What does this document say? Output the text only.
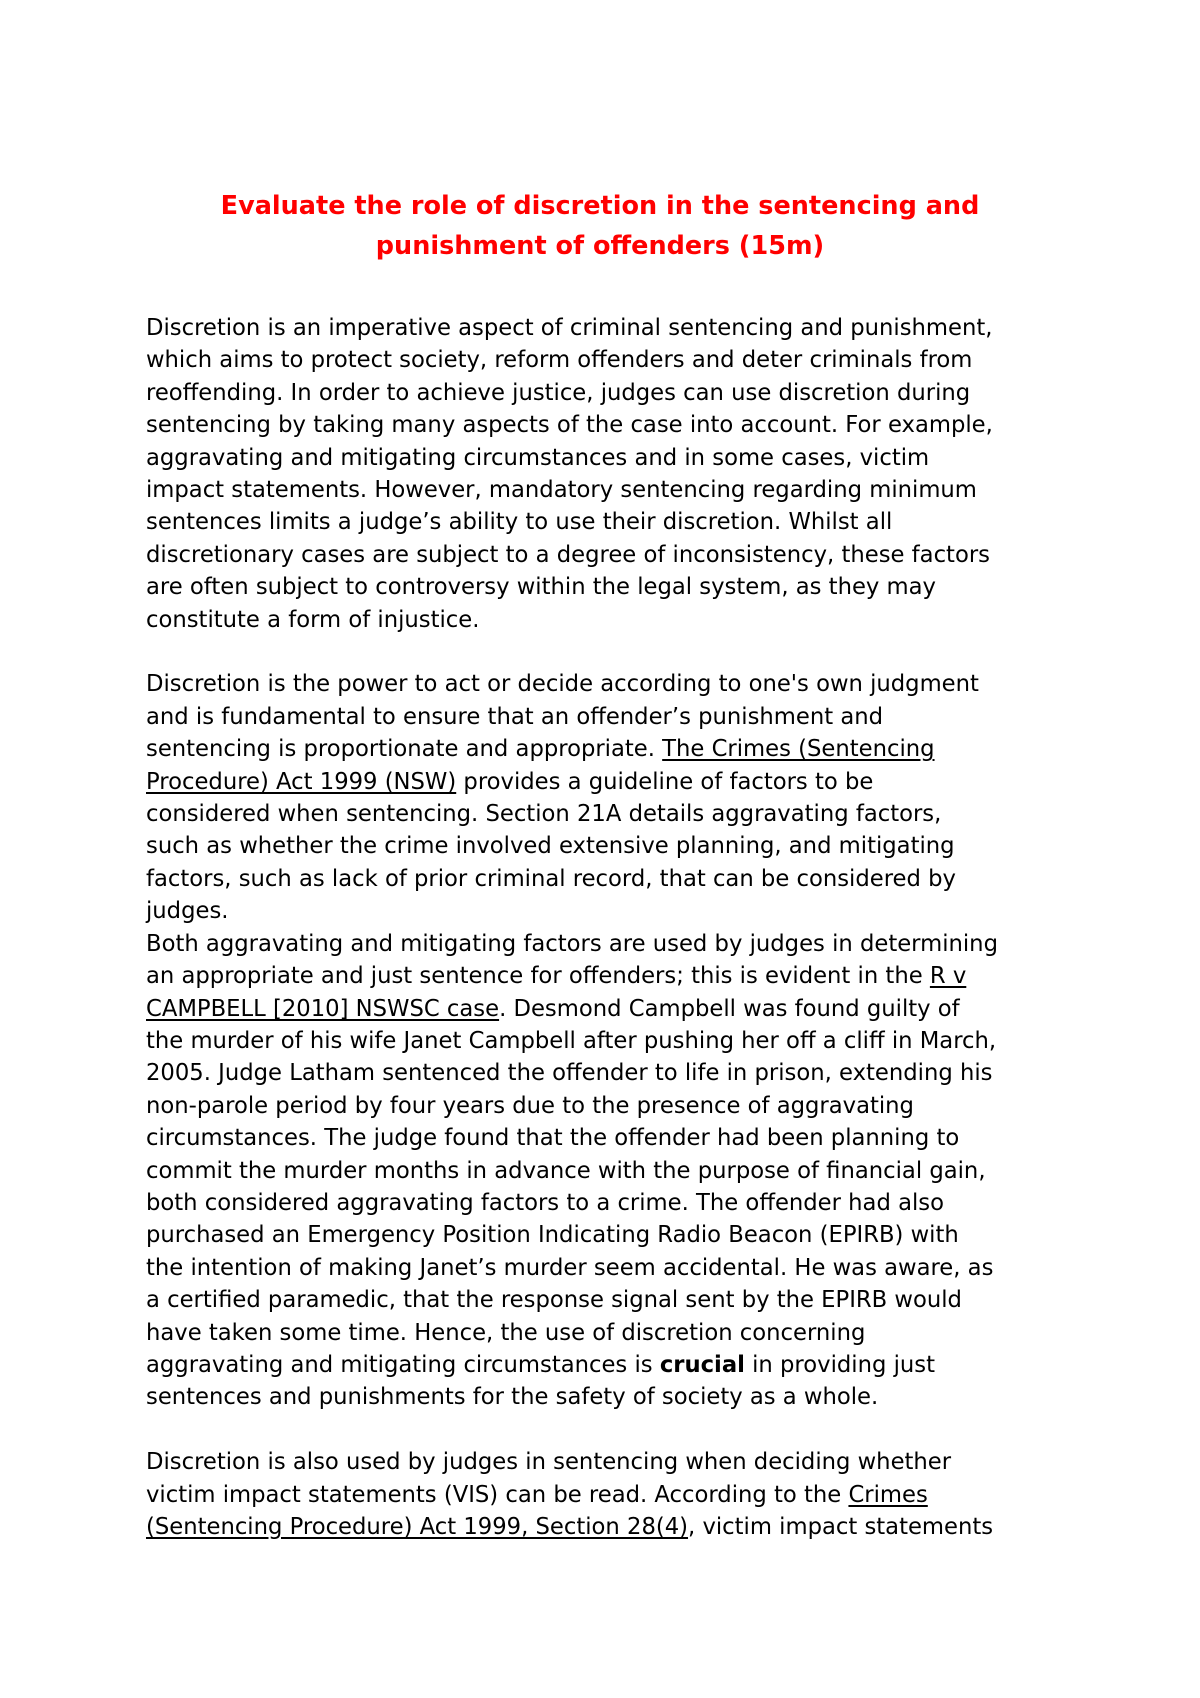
Evaluate the role of discretion in the sentencing and
punishment of offenders (15m)

Discretion is an imperative aspect of criminal sentencing and punishment,
which aims to protect society, reform offenders and deter criminals from
reoffending. In order to achieve justice, judges can use discretion during
sentencing by taking many aspects of the case into account. For example,
aggravating and mitigating circumstances and in some cases, victim
impact statements. However, mandatory sentencing regarding minimum
sentences limits a judge’s ability to use their discretion. Whilst all
discretionary cases are subject to a degree of inconsistency, these factors
are often subject to controversy within the legal system, as they may
constitute a form of injustice.

Discretion is the power to act or decide according to one's own judgment
and is fundamental to ensure that an offender’s punishment and
sentencing is proportionate and appropriate. The Crimes (Sentencing
Procedure) Act 1999 (NSW) provides a guideline of factors to be
considered when sentencing. Section 21A details aggravating factors,
such as whether the crime involved extensive planning, and mitigating
factors, such as lack of prior criminal record, that can be considered by
judges.

Both aggravating and mitigating factors are used by judges in determining
an appropriate and just sentence for offenders; this is evident in the R v
CAMPBELL [2010] NSWSC case. Desmond Campbell was found guilty of
the murder of his wife Janet Campbell after pushing her off a cliff in March,
2005. Judge Latham sentenced the offender to life in prison, extending his
non-parole period by four years due to the presence of aggravating
circumstances. The judge found that the offender had been planning to
commit the murder months in advance with the purpose of financial gain,
both considered aggravating factors to a crime. The offender had also
purchased an Emergency Position Indicating Radio Beacon (EPIRB) with
the intention of making Janet’s murder seem accidental. He was aware, as
a certified paramedic, that the response signal sent by the EPIRB would
have taken some time. Hence, the use of discretion concerning
aggravating and mitigating circumstances is crucial in providing just
sentences and punishments for the safety of society as a whole.

Discretion is also used by judges in sentencing when deciding whether
victim impact statements (VIS) can be read. According to the Crimes
(Sentencing Procedure) Act 1999, Section 28(4), victim impact statements
